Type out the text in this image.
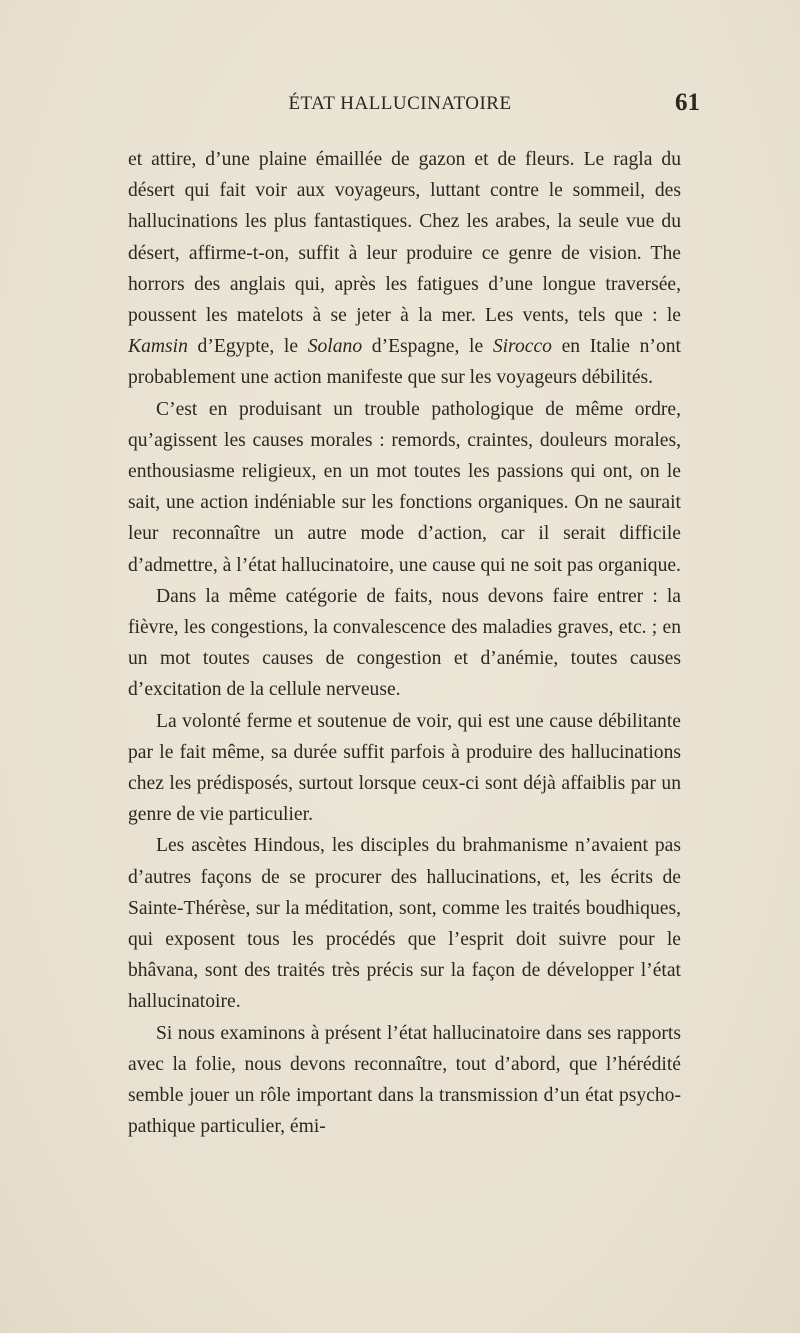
ÉTAT HALLUCINATOIRE	61

et attire, d’une plaine émaillée de gazon et de fleurs. Le ragla du désert qui fait voir aux voyageurs, luttant contre le sommeil, des hallucinations les plus fantastiques. Chez les arabes, la seule vue du désert, affirme-t-on, suffit à leur produire ce genre de vision. The horrors des anglais qui, après les fatigues d’une longue traversée, poussent les matelots à se jeter à la mer. Les vents, tels que : le Kamsin d’Egypte, le Solano d’Espagne, le Sirocco en Italie n’ont probablement une action manifeste que sur les voyageurs débilités.

C’est en produisant un trouble pathologique de même ordre, qu’agissent les causes morales : remords, craintes, douleurs morales, enthousiasme religieux, en un mot toutes les passions qui ont, on le sait, une action indéniable sur les fonctions organiques. On ne saurait leur reconnaître un autre mode d’action, car il serait difficile d’admettre, à l’état hallucinatoire, une cause qui ne soit pas organique.

Dans la même catégorie de faits, nous devons faire entrer : la fièvre, les congestions, la convalescence des maladies graves, etc. ; en un mot toutes causes de congestion et d’anémie, toutes causes d’excitation de la cellule nerveuse.

La volonté ferme et soutenue de voir, qui est une cause débilitante par le fait même, sa durée suffit parfois à produire des hallucinations chez les prédisposés, surtout lorsque ceux-ci sont déjà affaiblis par un genre de vie particulier.

Les ascètes Hindous, les disciples du brahmanisme n’avaient pas d’autres façons de se procurer des hallucinations, et, les écrits de Sainte-Thérèse, sur la méditation, sont, comme les traités boudhiques, qui exposent tous les procédés que l’esprit doit suivre pour le bhâvana, sont des traités très précis sur la façon de développer l’état hallucinatoire.

Si nous examinons à présent l’état hallucinatoire dans ses rapports avec la folie, nous devons reconnaître, tout d’abord, que l’hérédité semble jouer un rôle important dans la transmission d’un état psycho-pathique particulier, émi-
